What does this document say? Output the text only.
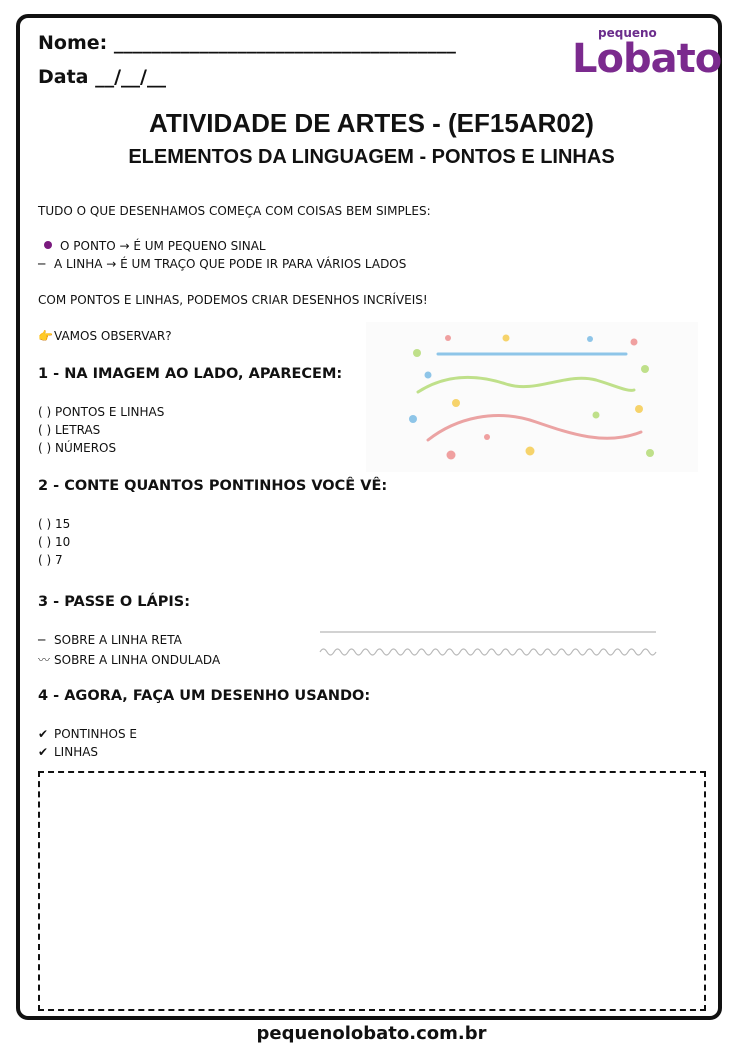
Nome: ____________________________________
Data __/__/__
pequeno
Lobato
ATIVIDADE DE ARTES - (EF15AR02)
ELEMENTOS DA LINGUAGEM - PONTOS E LINHAS
TUDO O QUE DESENHAMOS COMEÇA COM COISAS BEM SIMPLES:
O PONTO → É UM PEQUENO SINAL
─ A LINHA → É UM TRAÇO QUE PODE IR PARA VÁRIOS LADOS
COM PONTOS E LINHAS, PODEMOS CRIAR DESENHOS INCRÍVEIS!
👉VAMOS OBSERVAR?
1 - NA IMAGEM AO LADO, APARECEM:
( ) PONTOS E LINHAS
( ) LETRAS
( ) NÚMEROS
2 - CONTE QUANTOS PONTINHOS VOCÊ VÊ:
( ) 15
( ) 10
( ) 7
3 - PASSE O LÁPIS:
─ SOBRE A LINHA RETA
〰 SOBRE A LINHA ONDULADA
4 - AGORA, FAÇA UM DESENHO USANDO:
✔ PONTINHOS E
✔ LINHAS
pequenolobato.com.br
